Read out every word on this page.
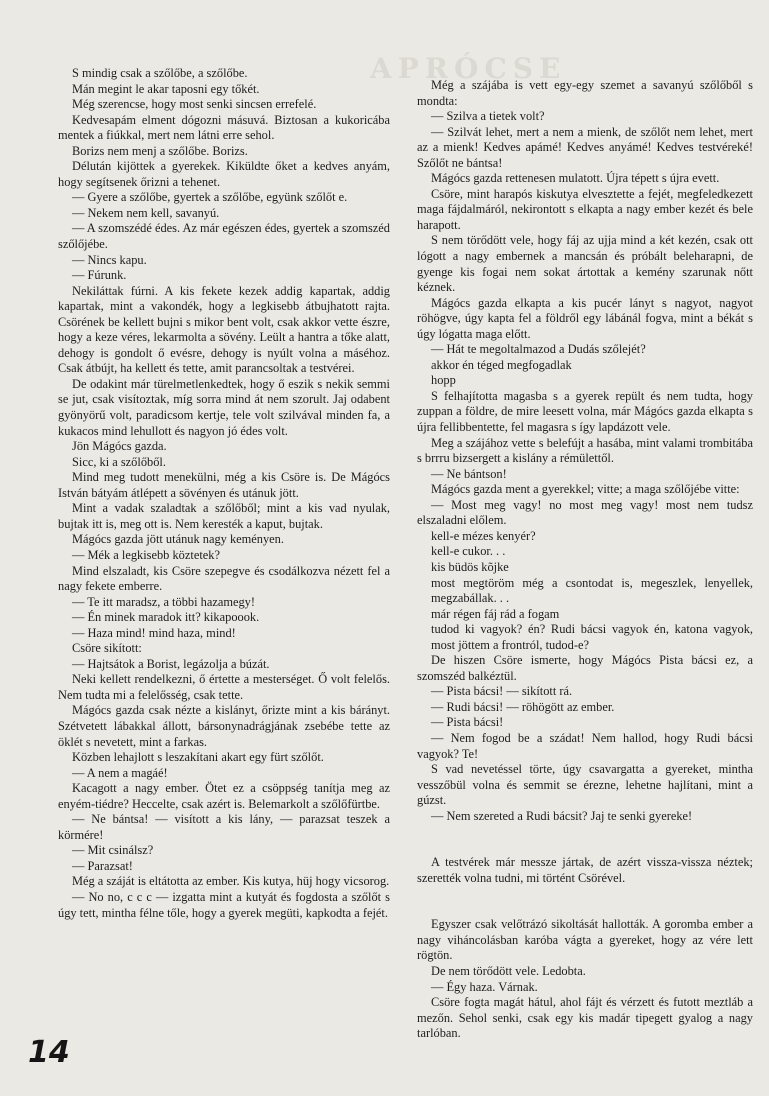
APRÓCSE

S mindig csak a szőlőbe, a szőlőbe.

Mán megint le akar taposni egy tőkét.

Még szerencse, hogy most senki sincsen errefelé.

Kedvesapám elment dógozni másuvá. Biztosan a kukoricába mentek a fiúkkal, mert nem látni erre sehol.

Borizs nem menj a szőlőbe. Borizs.

Délután kijöttek a gyerekek. Kiküldte őket a kedves anyám, hogy segítsenek őrizni a tehenet.

— Gyere a szőlőbe, gyertek a szőlőbe, együnk szőlőt e.

— Nekem nem kell, savanyú.

— A szomszédé édes. Az már egészen édes, gyertek a szomszéd szőlőjébe.

— Nincs kapu.

— Fúrunk.

Nekiláttak fúrni. A kis fekete kezek addig kapartak, addig kapartak, mint a vakondék, hogy a legkisebb átbujhatott rajta. Csörének be kellett bujni s mikor bent volt, csak akkor vette észre, hogy a keze véres, lekarmolta a sövény. Leült a hantra a tőke alatt, dehogy is gondolt ő evésre, dehogy is nyúlt volna a máséhoz. Csak átbújt, ha kellett és tette, amit parancsoltak a testvérei.

De odakint már türelmetlenkedtek, hogy ő eszik s nekik semmi se jut, csak visítoztak, míg sorra mind át nem szorult. Jaj odabent gyönyörű volt, paradicsom kertje, tele volt szilvával minden fa, a kukacos mind lehullott és nagyon jó édes volt.

Jön Mágócs gazda.

Sicc, ki a szőlőből.

Mind meg tudott menekülni, még a kis Csöre is. De Mágócs István bátyám átlépett a sövényen és utánuk jött.

Mint a vadak szaladtak a szőlőből; mint a kis vad nyulak, bujtak itt is, meg ott is. Nem keresték a kaput, bujtak.

Mágócs gazda jött utánuk nagy keményen.

— Mék a legkisebb köztetek?

Mind elszaladt, kis Csöre szepegve és csodálkozva nézett fel a nagy fekete emberre.

— Te itt maradsz, a többi hazamegy!

— Én minek maradok itt? kikapoook.

— Haza mind! mind haza, mind!

Csöre sikított:

— Hajtsátok a Borist, legázolja a búzát.

Neki kellett rendelkezni, ő értette a mesterséget. Ő volt felelős. Nem tudta mi a felelősség, csak tette.

Mágócs gazda csak nézte a kislányt, őrizte mint a kis bárányt. Szétvetett lábakkal állott, bársonynadrágjának zsebébe tette az öklét s nevetett, mint a farkas.

Közben lehajlott s leszakítani akart egy fürt szőlőt.

— A nem a magáé!

Kacagott a nagy ember. Ötet ez a csöppség tanítja meg az enyém-tiédre? Heccelte, csak azért is. Belemarkolt a szőlőfürtbe.

— Ne bántsa! — visított a kis lány, — parazsat teszek a körmére!

— Mit csinálsz?

— Parazsat!

Még a száját is eltátotta az ember. Kis kutya, hüj hogy vicsorog.

— No no, c c c — izgatta mint a kutyát és fogdosta a szőlőt s úgy tett, mintha félne tőle, hogy a gyerek megüti, kapkodta a fejét.

Még a szájába is vett egy-egy szemet a savanyú szőlőből s mondta:

— Szilva a tietek volt?

— Szilvát lehet, mert a nem a mienk, de szőlőt nem lehet, mert az a mienk! Kedves apámé! Kedves anyámé! Kedves testvéreké! Szőlőt ne bántsa!

Mágócs gazda rettenesen mulatott. Újra tépett s újra evett.

Csöre, mint harapós kiskutya elvesztette a fejét, megfeledkezett maga fájdalmáról, nekirontott s elkapta a nagy ember kezét és bele harapott.

S nem törődött vele, hogy fáj az ujja mind a két kezén, csak ott lógott a nagy embernek a mancsán és próbált beleharapni, de gyenge kis fogai nem sokat ártottak a kemény szarunak nőtt kéznek.

Mágócs gazda elkapta a kis pucér lányt s nagyot, nagyot röhögve, úgy kapta fel a földről egy lábánál fogva, mint a békát s úgy lógatta maga előtt.

— Hát te megoltalmazod a Dudás szőlejét?

akkor én téged megfogadlak

hopp

S felhajította magasba s a gyerek repült és nem tudta, hogy zuppan a földre, de mire leesett volna, már Mágócs gazda elkapta s újra fellibbentette, fel magasra s így lapdázott vele.

Meg a szájához vette s belefújt a hasába, mint valami trombitába s brrru bizsergett a kislány a rémülettől.

— Ne bántson!

Mágócs gazda ment a gyerekkel; vitte; a maga szőlőjébe vitte:

— Most meg vagy! no most meg vagy! most nem tudsz elszaladni előlem.

kell-e mézes kenyér?

kell-e cukor. . .

kis büdös kõjke

most megtöröm még a csontodat is, megeszlek, lenyellek, megzabállak. . .

már régen fáj rád a fogam

tudod ki vagyok? én? Rudi bácsi vagyok én, katona vagyok, most jöttem a frontról, tudod-e?

De hiszen Csöre ismerte, hogy Mágócs Pista bácsi ez, a szomszéd balkéztül.

— Pista bácsi! — sikított rá.

— Rudi bácsi! — röhögött az ember.

— Pista bácsi!

— Nem fogod be a szádat! Nem hallod, hogy Rudi bácsi vagyok? Te!

S vad nevetéssel törte, úgy csavargatta a gyereket, mintha vesszőbül volna és semmit se érezne, lehetne hajlítani, mint a gúzst.

— Nem szereted a Rudi bácsit? Jaj te senki gyereke!

A testvérek már messze jártak, de azért vissza-vissza néztek; szerették volna tudni, mi történt Csörével.

Egyszer csak velőtrázó sikoltását hallották. A goromba ember a nagy viháncolásban karóba vágta a gyereket, hogy az vére lett rögtön.

De nem törődött vele. Ledobta.

— Égy haza. Várnak.

Csöre fogta magát hátul, ahol fájt és vérzett és futott meztláb a mezőn. Sehol senki, csak egy kis madár tipegett gyalog a nagy tarlóban.

14
